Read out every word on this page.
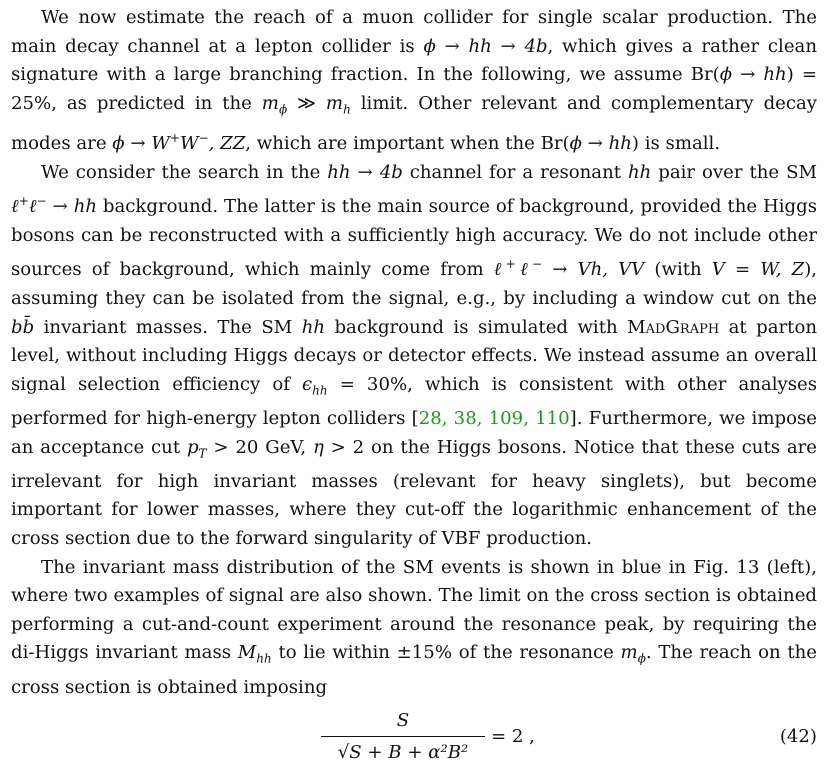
We now estimate the reach of a muon collider for single scalar production. The main decay channel at a lepton collider is ϕ → hh → 4b, which gives a rather clean signature with a large branching fraction. In the following, we assume Br(ϕ → hh) = 25%, as predicted in the $m_\phi$ ≫ $m_h$ limit. Other relevant and complementary decay modes are ϕ → W+W−, ZZ, which are important when the Br(ϕ → hh) is small.

We consider the search in the hh → 4b channel for a resonant hh pair over the SM ℓ+ℓ− → hh background. The latter is the main source of background, provided the Higgs bosons can be reconstructed with a sufficiently high accuracy. We do not include other sources of background, which mainly come from ℓ+ℓ− → Vh, VV (with V = W, Z), assuming they can be isolated from the signal, e.g., by including a window cut on the bb̄ invariant masses. The SM hh background is simulated with MadGraph at parton level, without including Higgs decays or detector effects. We instead assume an overall signal selection efficiency of $\epsilon_{hh} = 30\%$, which is consistent with other analyses performed for high-energy lepton colliders [28, 38, 109, 110]. Furthermore, we impose an acceptance cut $p_T > 20$ GeV, η > 2 on the Higgs bosons. Notice that these cuts are irrelevant for high invariant masses (relevant for heavy singlets), but become important for lower masses, where they cut-off the logarithmic enhancement of the cross section due to the forward singularity of VBF production.

The invariant mass distribution of the SM events is shown in blue in Fig. 13 (left), where two examples of signal are also shown. The limit on the cross section is obtained performing a cut-and-count experiment around the resonance peak, by requiring the di-Higgs invariant mass $M_{hh}$ to lie within ±15% of the resonance $m_\phi$. The reach on the cross section is obtained imposing

S
√S + B + α²B²
= 2 ,	(42)
